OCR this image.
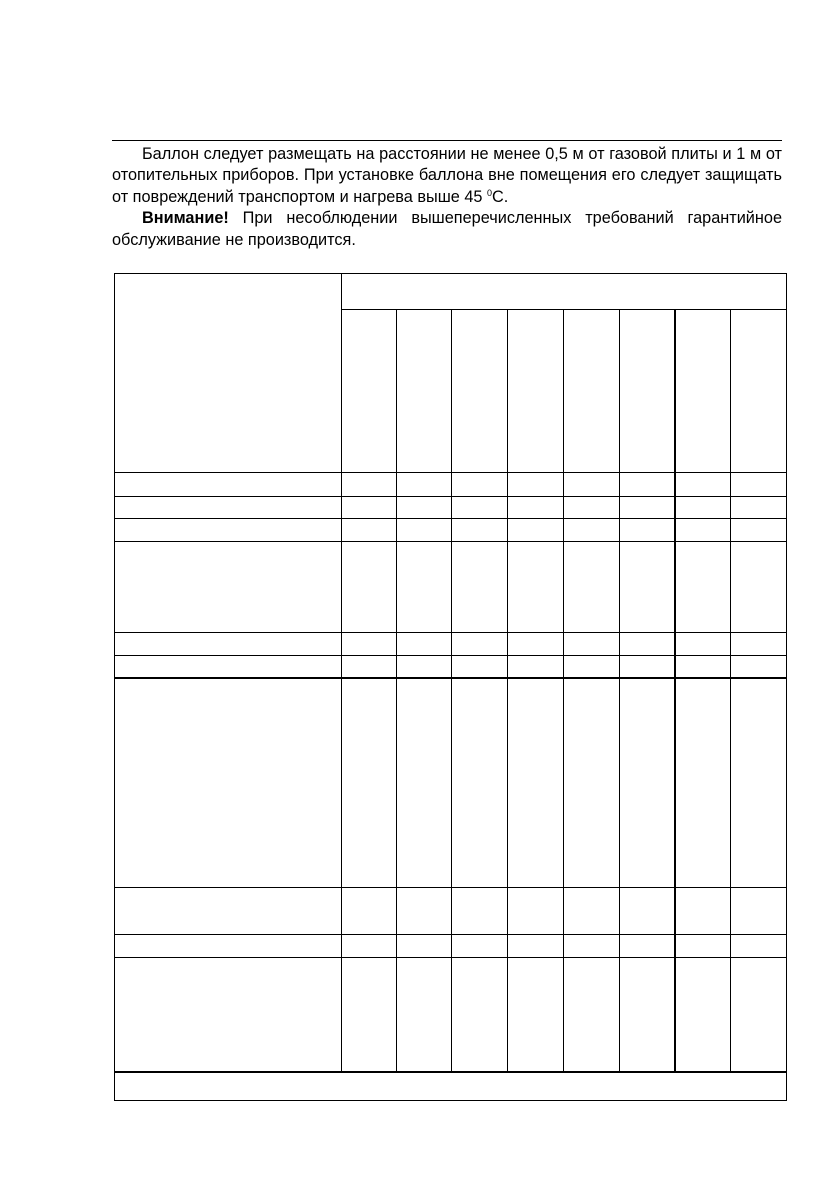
Баллон следует размещать на расстоянии не менее 0,5 м от газовой плиты и 1 м от отопительных приборов. При установке баллона вне помещения его следует защищать от повреждений транспортом и нагрева выше 45 $^0$C.

Внимание! При несоблюдении вышеперечисленных требований гарантийное обслуживание не производится.
